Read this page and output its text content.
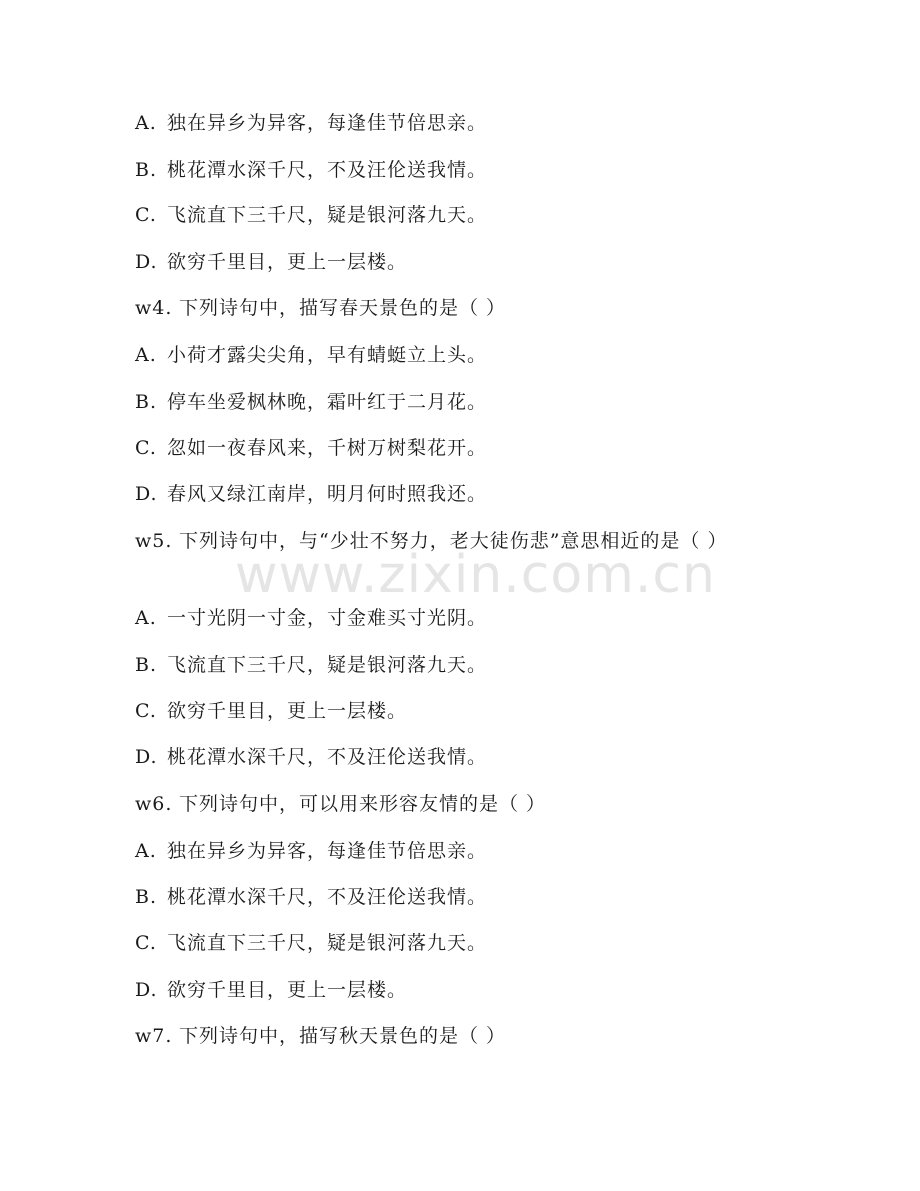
A. 独在异乡为异客，每逢佳节倍思亲。
B. 桃花潭水深千尺，不及汪伦送我情。
C. 飞流直下三千尺，疑是银河落九天。
D. 欲穷千里目，更上一层楼。
w4. 下列诗句中，描写春天景色的是（ ）
A. 小荷才露尖尖角，早有蜻蜓立上头。
B. 停车坐爱枫林晚，霜叶红于二月花。
C. 忽如一夜春风来，千树万树梨花开。
D. 春风又绿江南岸，明月何时照我还。
w5. 下列诗句中，与“少壮不努力，老大徒伤悲”意思相近的是（ ）
A. 一寸光阴一寸金，寸金难买寸光阴。
B. 飞流直下三千尺，疑是银河落九天。
C. 欲穷千里目，更上一层楼。
D. 桃花潭水深千尺，不及汪伦送我情。
w6. 下列诗句中，可以用来形容友情的是（ ）
A. 独在异乡为异客，每逢佳节倍思亲。
B. 桃花潭水深千尺，不及汪伦送我情。
C. 飞流直下三千尺，疑是银河落九天。
D. 欲穷千里目，更上一层楼。
w7. 下列诗句中，描写秋天景色的是（ ）
www.zixin.com.cn
